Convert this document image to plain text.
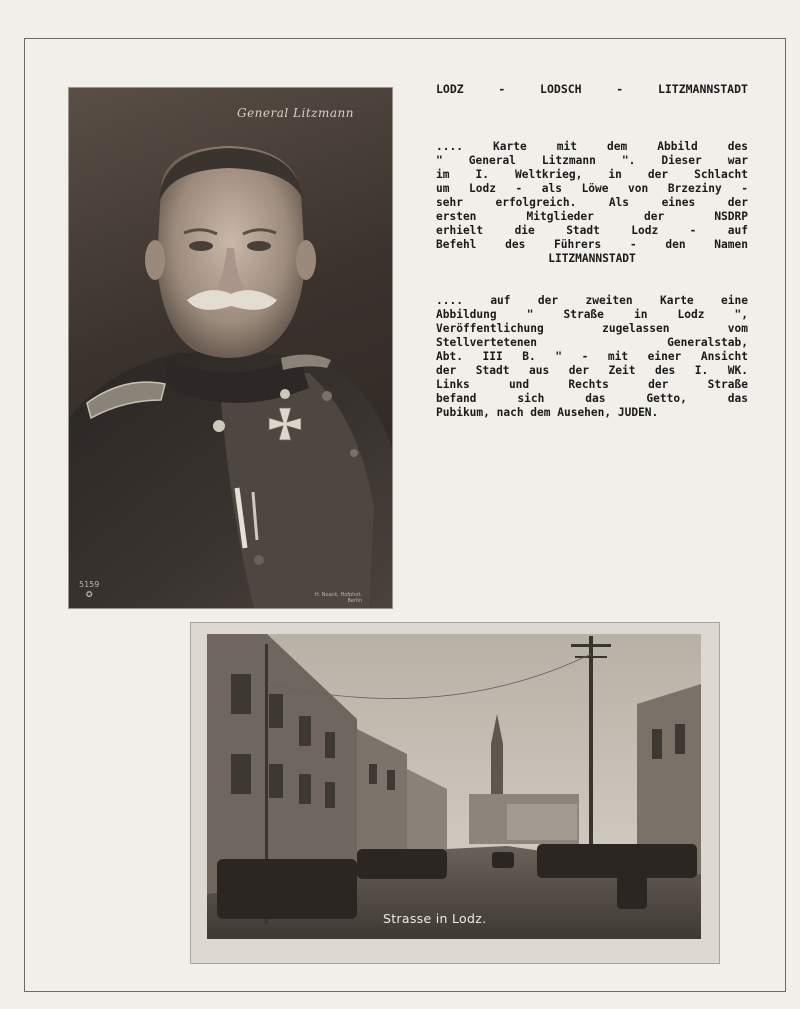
General Litzmann
5159
✪	H. Noack, Hofphot.
Berlin
LODZ	-	LODSCH	-	LITZMANNSTADT
.... Karte mit dem Abbild des
" General Litzmann ". Dieser war
im I. Weltkrieg, in der Schlacht
um Lodz - als Löwe von Brzeziny -
sehr erfolgreich. Als eines der
ersten Mitglieder der NSDRP
erhielt die Stadt Lodz - auf
Befehl des Führers - den Namen
LITZMANNSTADT
.... auf der zweiten Karte eine
Abbildung " Straße in Lodz ",
Veröffentlichung zugelassen vom
Stellvertetenen Generalstab,
Abt. III B. " - mit einer Ansicht
der Stadt aus der Zeit des I. WK.
Links und Rechts der Straße
befand sich das Getto, das
Pubikum, nach dem Ausehen, JUDEN.
Strasse in Lodz.
